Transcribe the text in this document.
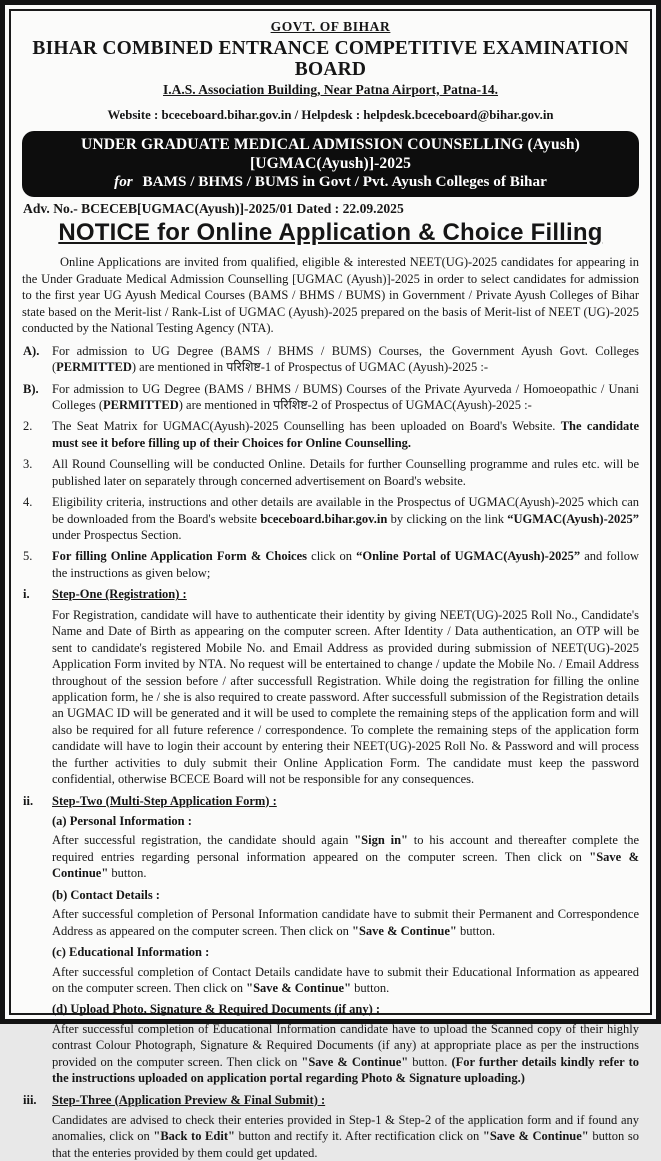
GOVT. OF BIHAR
BIHAR COMBINED ENTRANCE COMPETITIVE EXAMINATION BOARD
I.A.S. Association Building, Near Patna Airport, Patna-14.
Website : bceceboard.bihar.gov.in / Helpdesk : helpdesk.bceceboard@bihar.gov.in
UNDER GRADUATE MEDICAL ADMISSION COUNSELLING (Ayush) [UGMAC(Ayush)]-2025
for BAMS / BHMS / BUMS in Govt / Pvt. Ayush Colleges of Bihar
Adv. No.- BCECEB[UGMAC(Ayush)]-2025/01 Dated : 22.09.2025
NOTICE for Online Application & Choice Filling
Online Applications are invited from qualified, eligible & interested NEET(UG)-2025 candidates for appearing in the Under Graduate Medical Admission Counselling [UGMAC (Ayush)]-2025 in order to select candidates for admission to the first year UG Ayush Medical Courses (BAMS / BHMS / BUMS) in Government / Private Ayush Colleges of Bihar state based on the Merit-list / Rank-List of UGMAC (Ayush)-2025 prepared on the basis of Merit-list of NEET (UG)-2025 conducted by the National Testing Agency (NTA).
A). For admission to UG Degree (BAMS / BHMS / BUMS) Courses, the Government Ayush Govt. Colleges (PERMITTED) are mentioned in परिशिष्ट-1 of Prospectus of UGMAC (Ayush)-2025 :-
B). For admission to UG Degree (BAMS / BHMS / BUMS) Courses of the Private Ayurveda / Homoeopathic / Unani Colleges (PERMITTED) are mentioned in परिशिष्ट-2 of Prospectus of UGMAC(Ayush)-2025 :-
2. The Seat Matrix for UGMAC(Ayush)-2025 Counselling has been uploaded on Board's Website. The candidate must see it before filling up of their Choices for Online Counselling.
3. All Round Counselling will be conducted Online. Details for further Counselling programme and rules etc. will be published later on separately through concerned advertisement on Board's website.
4. Eligibility criteria, instructions and other details are available in the Prospectus of UGMAC(Ayush)-2025 which can be downloaded from the Board's website bceceboard.bihar.gov.in by clicking on the link “UGMAC(Ayush)-2025” under Prospectus Section.
5. For filling Online Application Form & Choices click on “Online Portal of UGMAC(Ayush)-2025” and follow the instructions as given below;
i. Step-One (Registration) :
For Registration, candidate will have to authenticate their identity by giving NEET(UG)-2025 Roll No., Candidate's Name and Date of Birth as appearing on the computer screen. After Identity / Data authentication, an OTP will be sent to candidate's registered Mobile No. and Email Address as provided during submission of NEET(UG)-2025 Application Form invited by NTA. No request will be entertained to change / update the Mobile No. / Email Address throughout of the session before / after successfull Registration. While doing the registration for filling the online application form, he / she is also required to create password. After successfull submission of the Registration details an UGMAC ID will be generated and it will be used to complete the remaining steps of the application form and will also be required for all future reference / correspondence. To complete the remaining steps of the application form candidate will have to login their account by entering their NEET(UG)-2025 Roll No. & Password and will process the further activities to duly submit their Online Application Form. The candidate must keep the password confidential, otherwise BCECE Board will not be responsible for any consequences.
ii. Step-Two (Multi-Step Application Form) :
(a) Personal Information :
After successful registration, the candidate should again "Sign in" to his account and thereafter complete the required entries regarding personal information appeared on the computer screen. Then click on "Save & Continue" button.
(b) Contact Details :
After successful completion of Personal Information candidate have to submit their Permanent and Correspondence Address as appeared on the computer screen. Then click on "Save & Continue" button.
(c) Educational Information :
After successful completion of Contact Details candidate have to submit their Educational Information as appeared on the computer screen. Then click on "Save & Continue" button.
(d) Upload Photo, Signature & Required Documents (if any) :
After successful completion of Educational Information candidate have to upload the Scanned copy of their highly contrast Colour Photograph, Signature & Required Documents (if any) at appropriate place as per the instructions provided on the computer screen. Then click on "Save & Continue" button. (For further details kindly refer to the instructions uploaded on application portal regarding Photo & Signature uploading.)
iii. Step-Three (Application Preview & Final Submit) :
Candidates are advised to check their enteries provided in Step-1 & Step-2 of the application form and if found any anomalies, click on "Back to Edit" button and rectify it. After rectification click on "Save & Continue" button so that the enteries provided by them could get updated.
